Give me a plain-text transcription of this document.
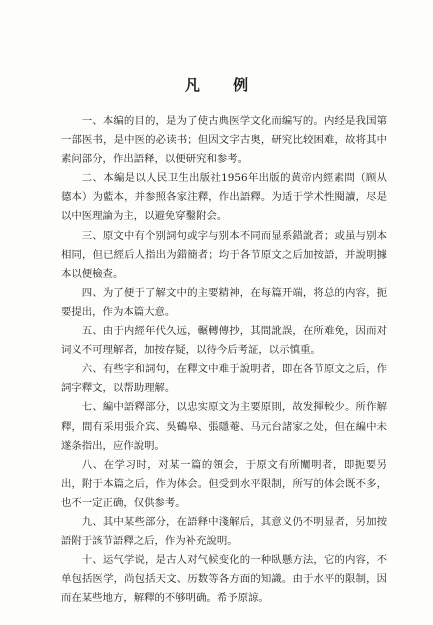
凡 例

一、本编的目的，是为了使古典医学文化而编写的。内经是我国第一部医书，是中医的必读书；但因文字古奥，研究比较困难，故将其中素问部分，作出語释，以便研究和参考。

二、本編是以人民卫生出版社1956年出版的黄帝内經素問（顾从德本）为藍本，并参照各家注釋，作出語釋。为适于学术性閱讀，尽是以中医理論为主，以避免穿鑿附会。

三、原文中有个别詞句或字与别本不同而显系錯訛者；或虽与别本相同，但已經后人指出为錯簡者；均于各节原文之后加按語，并說明據本以便檢查。

四、为了便于了解文中的主要精神，在每篇开端，将总的内容，扼要提出，作为本篇大意。

五、由于内經年代久远，輾轉傳抄，其間訛誤，在所难免，因而对词义不可理解者，加按存疑，以待今后考証，以示慎重。

六、有些字和詞句，在釋文中难于說明者，即在各节原文之后，作詞字釋文，以帮助理解。

七、編中語釋部分，以忠实原文为主要原則，故发揮較少。所作解釋，間有采用張介宾、吳鶴皋、張隱菴、马元台諸家之处，但在編中未遂条指出，应作說明。

八、在学习时，对某一篇的領会，于原文有所闡明者，即扼要另出，附于本篇之后，作为体会。但受到水平限制，所写的体会既不多，也不一定正确，仅供参考。

九、其中某些部分，在語释中淺解后，其意义仍不明显者，另加按語附于該节語釋之后，作为补充說明。

十、运气学说，是古人对气候变化的一种臥懸方法，它的内容，不单包括医学，尚包括天文、历数等各方面的知識。由于水平的限制，因而在某些地方，解釋的不够明确。希予原諒。
